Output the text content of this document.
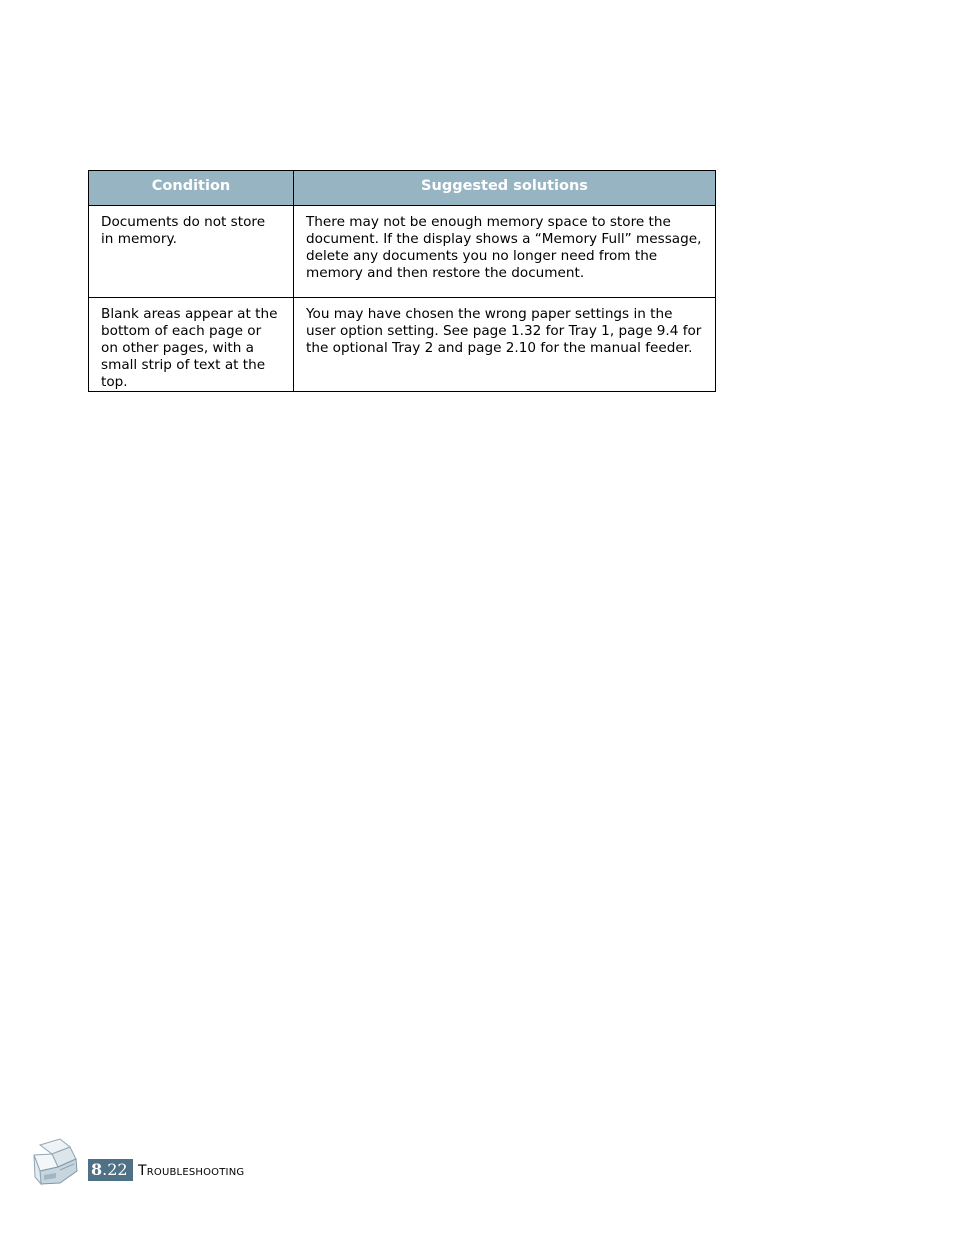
Condition	Suggested solutions
Documents do not store in memory.	There may not be enough memory space to store the document. If the display shows a “Memory Full” message, delete any documents you no longer need from the memory and then restore the document.
Blank areas appear at the bottom of each page or on other pages, with a small strip of text at the top.	You may have chosen the wrong paper settings in the user option setting. See page 1.32 for Tray 1, page 9.4 for the optional Tray 2 and page 2.10 for the manual feeder.
8.22 Troubleshooting
